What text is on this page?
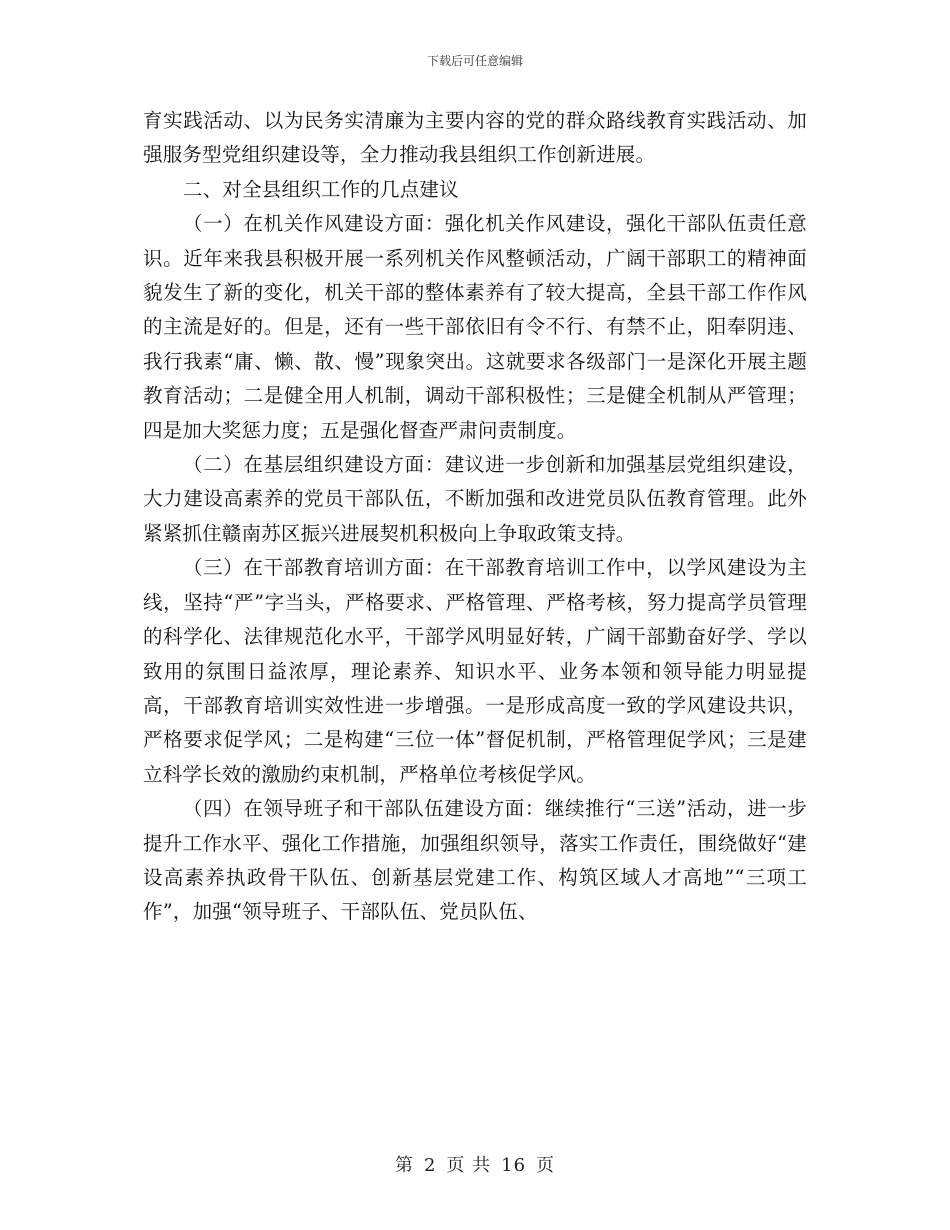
下载后可任意编辑

育实践活动、以为民务实清廉为主要内容的党的群众路线教育实践活动、加强服务型党组织建设等，全力推动我县组织工作创新进展。

二、对全县组织工作的几点建议

（一）在机关作风建设方面：强化机关作风建设，强化干部队伍责任意识。近年来我县积极开展一系列机关作风整顿活动，广阔干部职工的精神面貌发生了新的变化，机关干部的整体素养有了较大提高，全县干部工作作风的主流是好的。但是，还有一些干部依旧有令不行、有禁不止，阳奉阴违、我行我素“庸、懒、散、慢”现象突出。这就要求各级部门一是深化开展主题教育活动；二是健全用人机制，调动干部积极性；三是健全机制从严管理；四是加大奖惩力度；五是强化督查严肃问责制度。

（二）在基层组织建设方面：建议进一步创新和加强基层党组织建设，大力建设高素养的党员干部队伍，不断加强和改进党员队伍教育管理。此外紧紧抓住赣南苏区振兴进展契机积极向上争取政策支持。

（三）在干部教育培训方面：在干部教育培训工作中，以学风建设为主线，坚持“严”字当头，严格要求、严格管理、严格考核，努力提高学员管理的科学化、法律规范化水平，干部学风明显好转，广阔干部勤奋好学、学以致用的氛围日益浓厚，理论素养、知识水平、业务本领和领导能力明显提高，干部教育培训实效性进一步增强。一是形成高度一致的学风建设共识，严格要求促学风；二是构建“三位一体”督促机制，严格管理促学风；三是建立科学长效的激励约束机制，严格单位考核促学风。

（四）在领导班子和干部队伍建设方面：继续推行“三送”活动，进一步提升工作水平、强化工作措施，加强组织领导，落实工作责任，围绕做好“建设高素养执政骨干队伍、创新基层党建工作、构筑区域人才高地”“三项工作”，加强“领导班子、干部队伍、党员队伍、

第 2 页 共 16 页
